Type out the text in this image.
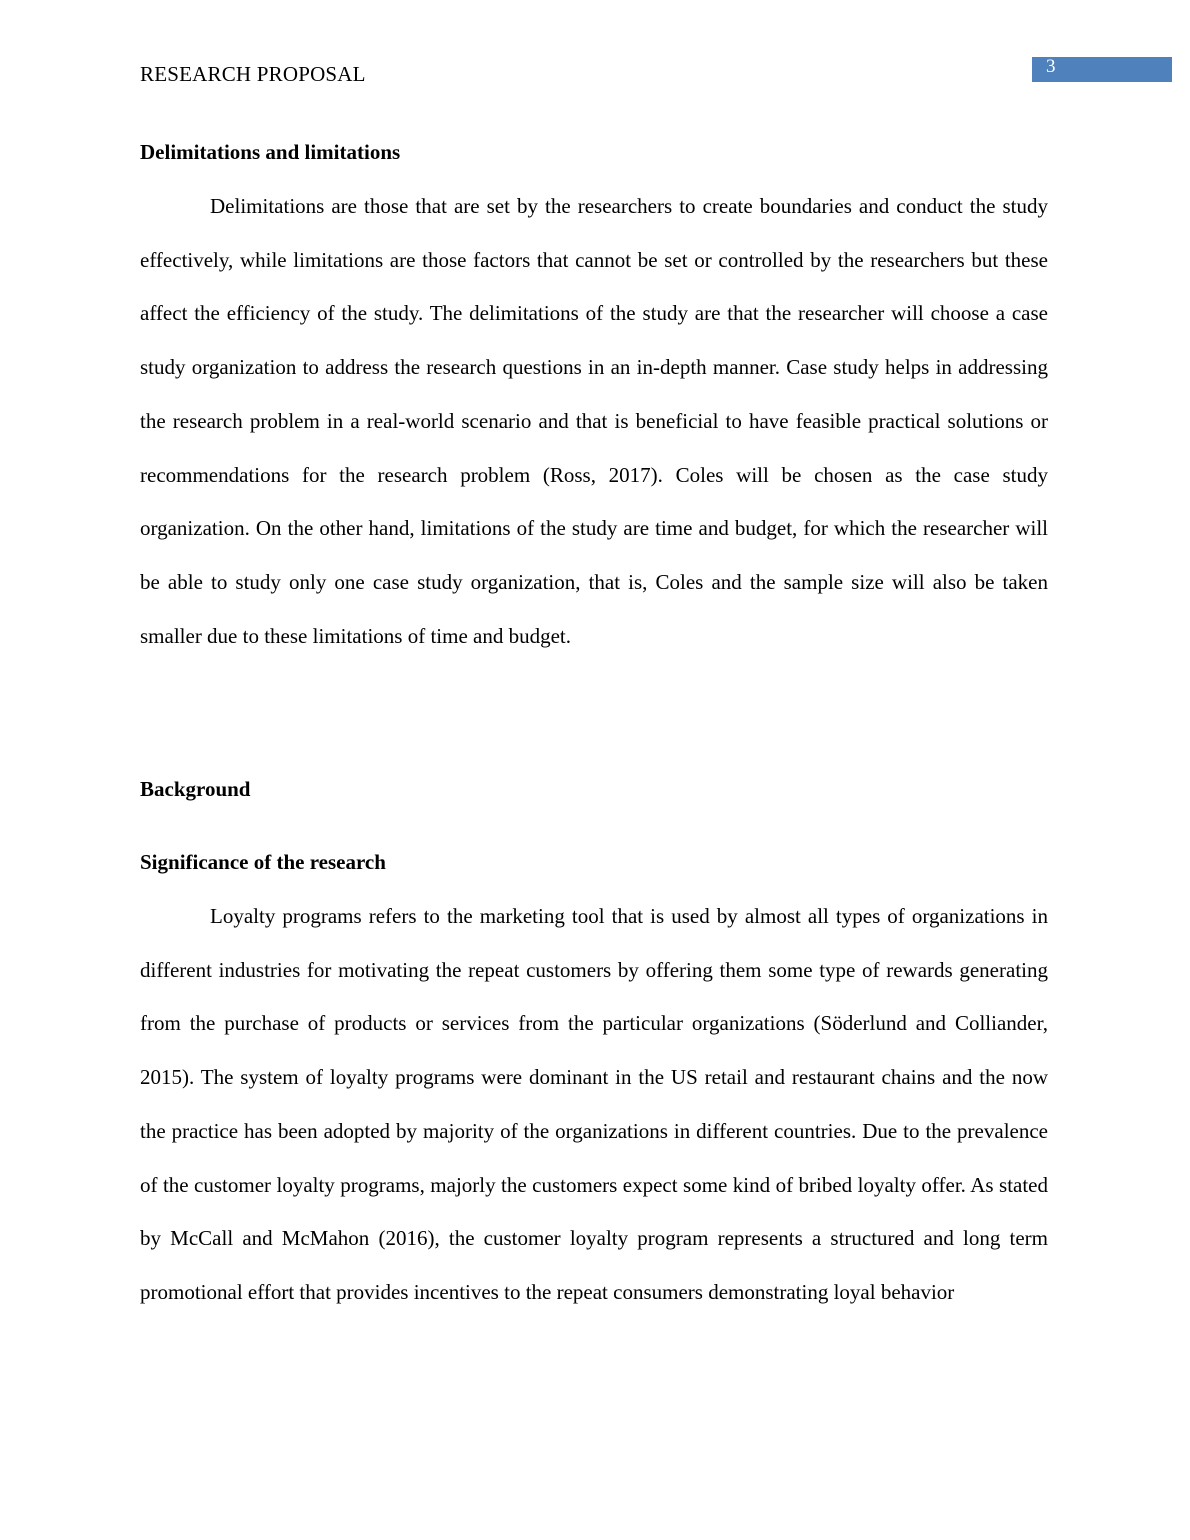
RESEARCH PROPOSAL	3
Delimitations and limitations

Delimitations are those that are set by the researchers to create boundaries and conduct the study effectively, while limitations are those factors that cannot be set or controlled by the researchers but these affect the efficiency of the study. The delimitations of the study are that the researcher will choose a case study organization to address the research questions in an in-depth manner. Case study helps in addressing the research problem in a real-world scenario and that is beneficial to have feasible practical solutions or recommendations for the research problem (Ross, 2017). Coles will be chosen as the case study organization. On the other hand, limitations of the study are time and budget, for which the researcher will be able to study only one case study organization, that is, Coles and the sample size will also be taken smaller due to these limitations of time and budget.

Background
Significance of the research

Loyalty programs refers to the marketing tool that is used by almost all types of organizations in different industries for motivating the repeat customers by offering them some type of rewards generating from the purchase of products or services from the particular organizations (Söderlund and Colliander, 2015). The system of loyalty programs were dominant in the US retail and restaurant chains and the now the practice has been adopted by majority of the organizations in different countries. Due to the prevalence of the customer loyalty programs, majorly the customers expect some kind of bribed loyalty offer. As stated by McCall and McMahon (2016), the customer loyalty program represents a structured and long term promotional effort that provides incentives to the repeat consumers demonstrating loyal behavior
